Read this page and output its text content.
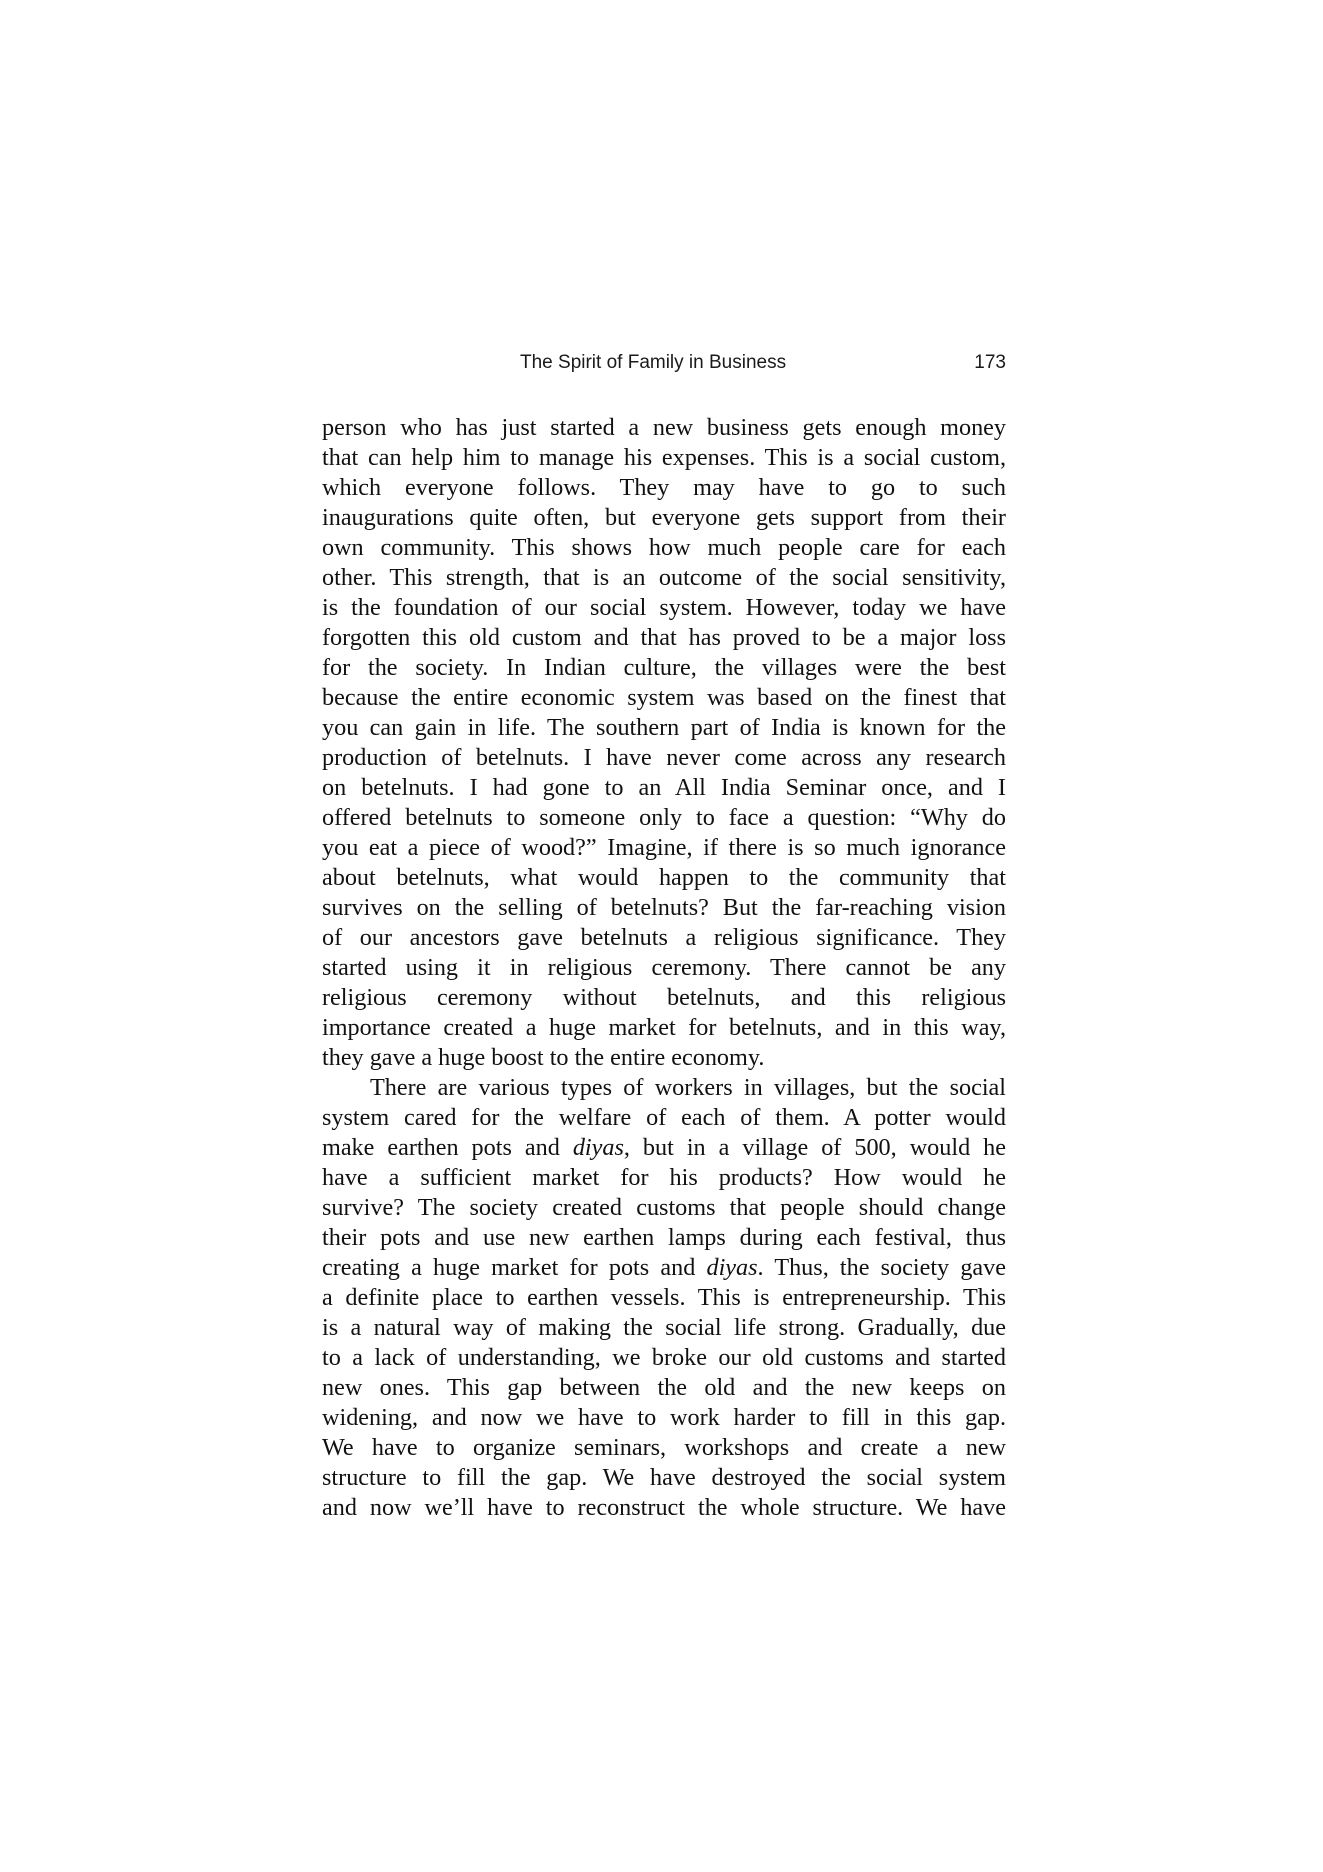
The Spirit of Family in Business	173
person who has just started a new business gets enough money
that can help him to manage his expenses. This is a social custom,
which everyone follows. They may have to go to such
inaugurations quite often, but everyone gets support from their
own community. This shows how much people care for each
other. This strength, that is an outcome of the social sensitivity,
is the foundation of our social system. However, today we have
forgotten this old custom and that has proved to be a major loss
for the society. In Indian culture, the villages were the best
because the entire economic system was based on the finest that
you can gain in life. The southern part of India is known for the
production of betelnuts. I have never come across any research
on betelnuts. I had gone to an All India Seminar once, and I
offered betelnuts to someone only to face a question: “Why do
you eat a piece of wood?” Imagine, if there is so much ignorance
about betelnuts, what would happen to the community that
survives on the selling of betelnuts? But the far-reaching vision
of our ancestors gave betelnuts a religious significance. They
started using it in religious ceremony. There cannot be any
religious ceremony without betelnuts, and this religious
importance created a huge market for betelnuts, and in this way,
they gave a huge boost to the entire economy.
There are various types of workers in villages, but the social
system cared for the welfare of each of them. A potter would
make earthen pots and diyas, but in a village of 500, would he
have a sufficient market for his products? How would he
survive? The society created customs that people should change
their pots and use new earthen lamps during each festival, thus
creating a huge market for pots and diyas. Thus, the society gave
a definite place to earthen vessels. This is entrepreneurship. This
is a natural way of making the social life strong. Gradually, due
to a lack of understanding, we broke our old customs and started
new ones. This gap between the old and the new keeps on
widening, and now we have to work harder to fill in this gap.
We have to organize seminars, workshops and create a new
structure to fill the gap. We have destroyed the social system
and now we’ll have to reconstruct the whole structure. We have
